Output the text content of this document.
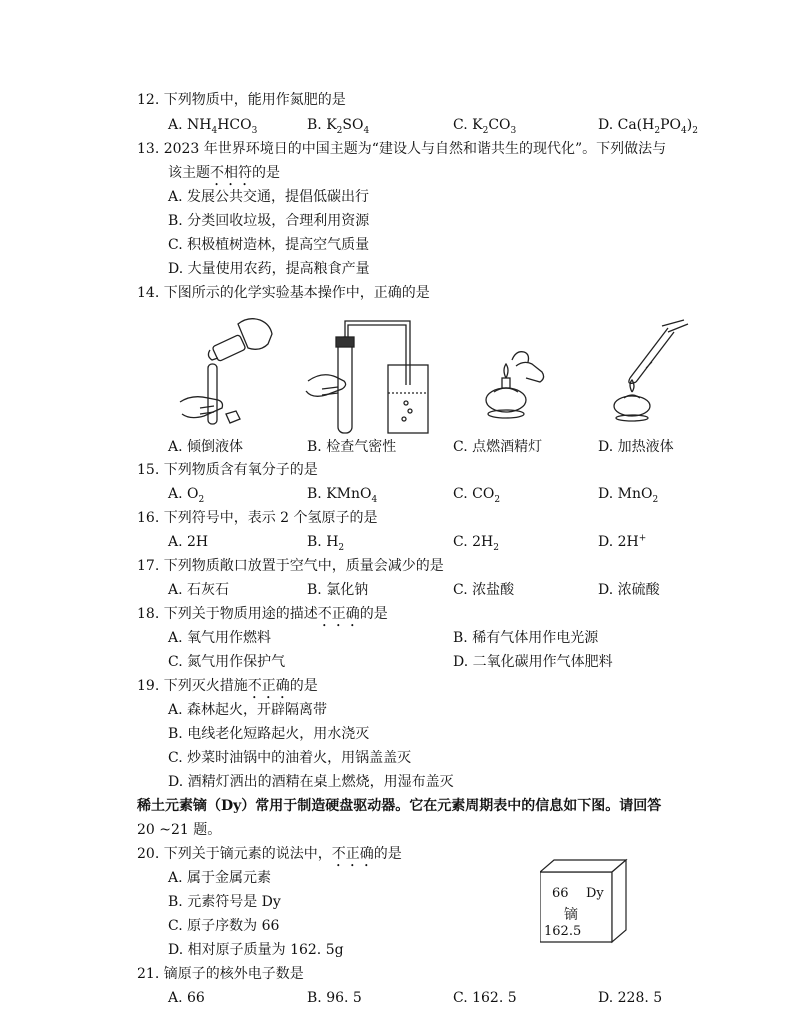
12. 下列物质中，能用作氮肥的是
A. $NH_4HCO_3$	B. $K_2SO_4$	C. $K_2CO_3$	D. $Ca(H_2PO_4)_2$
13. 2023 年世界环境日的中国主题为“建设人与自然和谐共生的现代化”。下列做法与
该主题不相符的是
A. 发展公共交通，提倡低碳出行
B. 分类回收垃圾，合理利用资源
C. 积极植树造林，提高空气质量
D. 大量使用农药，提高粮食产量
14. 下图所示的化学实验基本操作中，正确的是
A. 倾倒液体	B. 检查气密性	C. 点燃酒精灯	D. 加热液体
15. 下列物质含有氧分子的是
A. $O_2$	B. KMnO$_4$	C. $CO_2$	D. MnO$_2$
16. 下列符号中，表示 2 个氢原子的是
A. 2H	B. $H_2$	C. $2H_2$	D. 2H+
17. 下列物质敞口放置于空气中，质量会减少的是
A. 石灰石	B. 氯化钠	C. 浓盐酸	D. 浓硫酸
18. 下列关于物质用途的描述不正确的是
A. 氧气用作燃料	B. 稀有气体用作电光源
C. 氮气用作保护气	D. 二氧化碳用作气体肥料
19. 下列灭火措施不正确的是
A. 森林起火，开辟隔离带
B. 电线老化短路起火，用水浇灭
C. 炒菜时油锅中的油着火，用锅盖盖灭
D. 酒精灯洒出的酒精在桌上燃烧，用湿布盖灭
稀土元素镝（Dy）常用于制造硬盘驱动器。它在元素周期表中的信息如下图。请回答
20 ~21 题。
20. 下列关于镝元素的说法中，不正确的是
A. 属于金属元素
B. 元素符号是 Dy
C. 原子序数为 66
D. 相对原子质量为 162. 5g
66 Dy
镝
162.5
21. 镝原子的核外电子数是
A. 66	B. 96. 5	C. 162. 5	D. 228. 5
